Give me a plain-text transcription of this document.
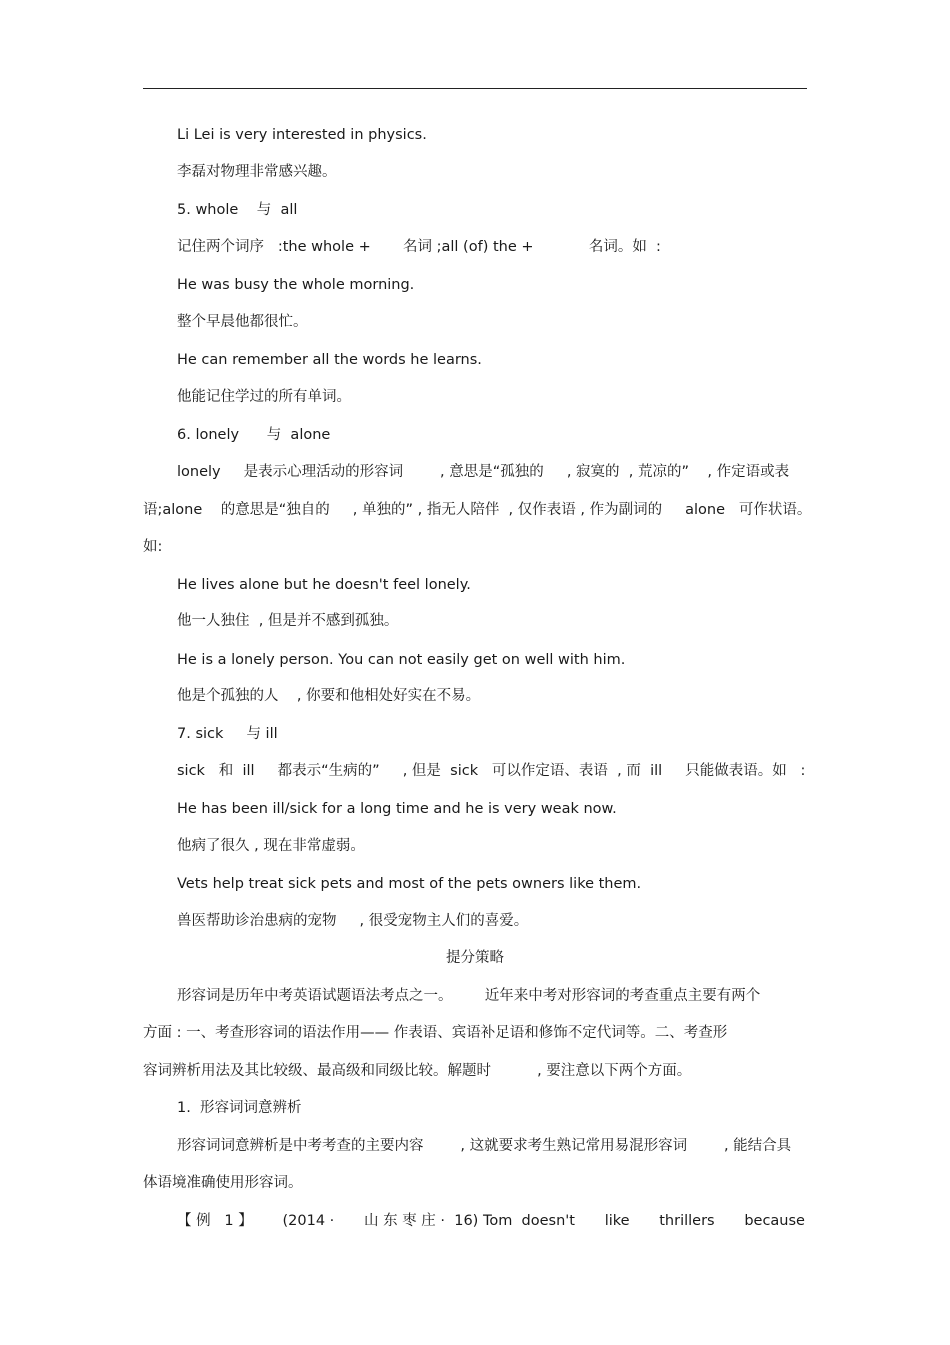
Li Lei is very interested in physics.
李磊对物理非常感兴趣。
5. whole    与  all
记住两个词序   :the whole +       名词 ;all (of) the +            名词。如  :
He was busy the whole morning.
整个早晨他都很忙。
He can remember all the words he learns.
他能记住学过的所有单词。
6. lonely      与  alone
lonely     是表示心理活动的形容词        , 意思是“孤独的     , 寂寞的  , 荒凉的”    , 作定语或表
语;alone    的意思是“独自的     , 单独的” , 指无人陪伴  , 仅作表语 , 作为副词的     alone   可作状语。
如:
He lives alone but he doesn't feel lonely.
他一人独住  , 但是并不感到孤独。
He is a lonely person. You can not easily get on well with him.
他是个孤独的人    , 你要和他相处好实在不易。
7. sick     与 ill
sick   和  ill     都表示“生病的”     , 但是  sick   可以作定语、表语  , 而  ill     只能做表语。如   :
He has been ill/sick for a long time and he is very weak now.
他病了很久 , 现在非常虚弱。
Vets help treat sick pets and most of the pets owners like them.
兽医帮助诊治患病的宠物     , 很受宠物主人们的喜爱。
提分策略
形容词是历年中考英语试题语法考点之一。       近年来中考对形容词的考查重点主要有两个
方面 : 一、考查形容词的语法作用—— 作表语、宾语补足语和修饰不定代词等。二、考查形
容词辨析用法及其比较级、最高级和同级比较。解题时          , 要注意以下两个方面。
1.  形容词词意辨析
形容词词意辨析是中考考查的主要内容        , 这就要求考生熟记常用易混形容词        , 能结合具
体语境准确使用形容词。
【 例   1 】 (2014 · 山 东 枣 庄 ·  16) Tom  doesn't like thrillers because
